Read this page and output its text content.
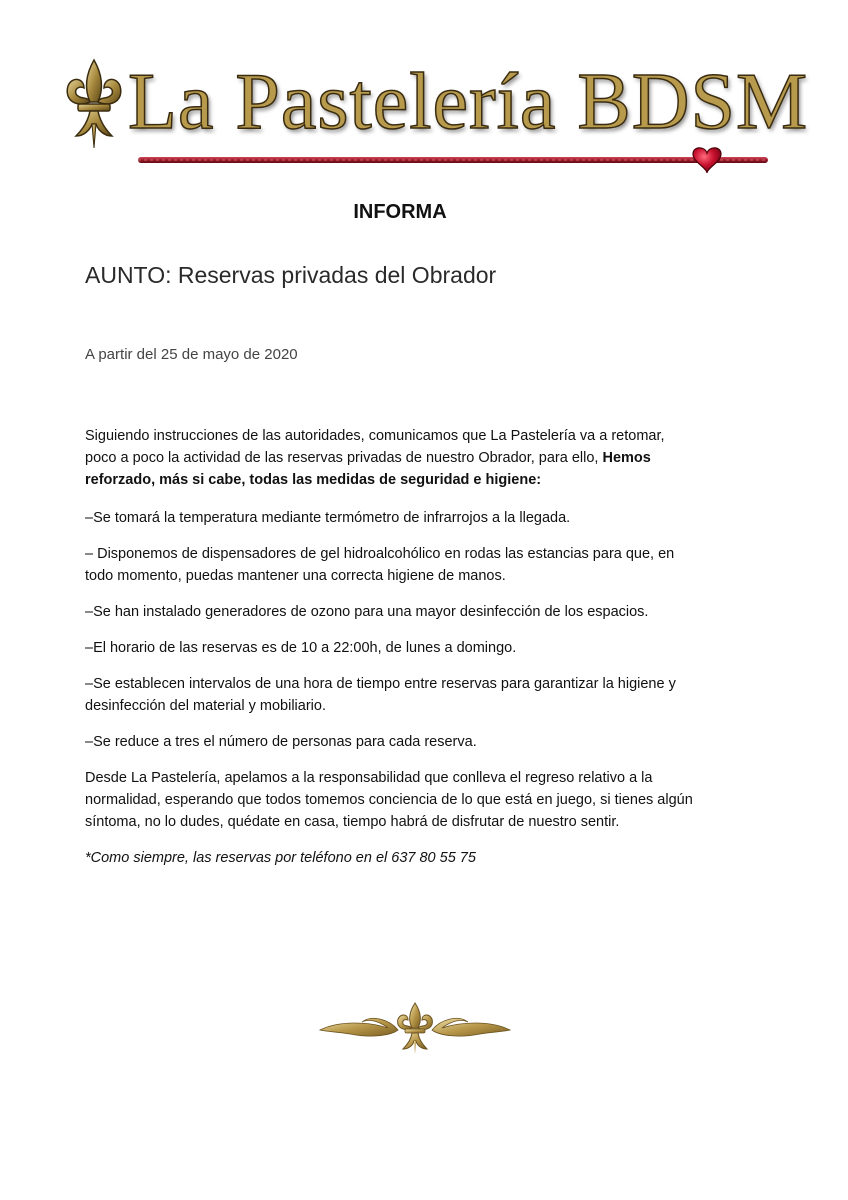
La Pastelería BDSM
INFORMA
AUNTO: Reservas privadas del Obrador
A partir del 25 de mayo de 2020

Siguiendo instrucciones de las autoridades, comunicamos que La Pastelería va a retomar, poco a poco la actividad de las reservas privadas de nuestro Obrador, para ello, Hemos reforzado, más si cabe, todas las medidas de seguridad e higiene:

–Se tomará la temperatura mediante termómetro de infrarrojos a la llegada.

– Disponemos de dispensadores de gel hidroalcohólico en rodas las estancias para que, en todo momento, puedas mantener una correcta higiene de manos.

–Se han instalado generadores de ozono para una mayor desinfección de los espacios.

–El horario de las reservas es de 10 a 22:00h, de lunes a domingo.

–Se establecen intervalos de una hora de tiempo entre reservas para garantizar la higiene y desinfección del material y mobiliario.

–Se reduce a tres el número de personas para cada reserva.

Desde La Pastelería, apelamos a la responsabilidad que conlleva el regreso relativo a la normalidad, esperando que todos tomemos conciencia de lo que está en juego, si tienes algún síntoma, no lo dudes, quédate en casa, tiempo habrá de disfrutar de nuestro sentir.

*Como siempre, las reservas por teléfono en el 637 80 55 75
